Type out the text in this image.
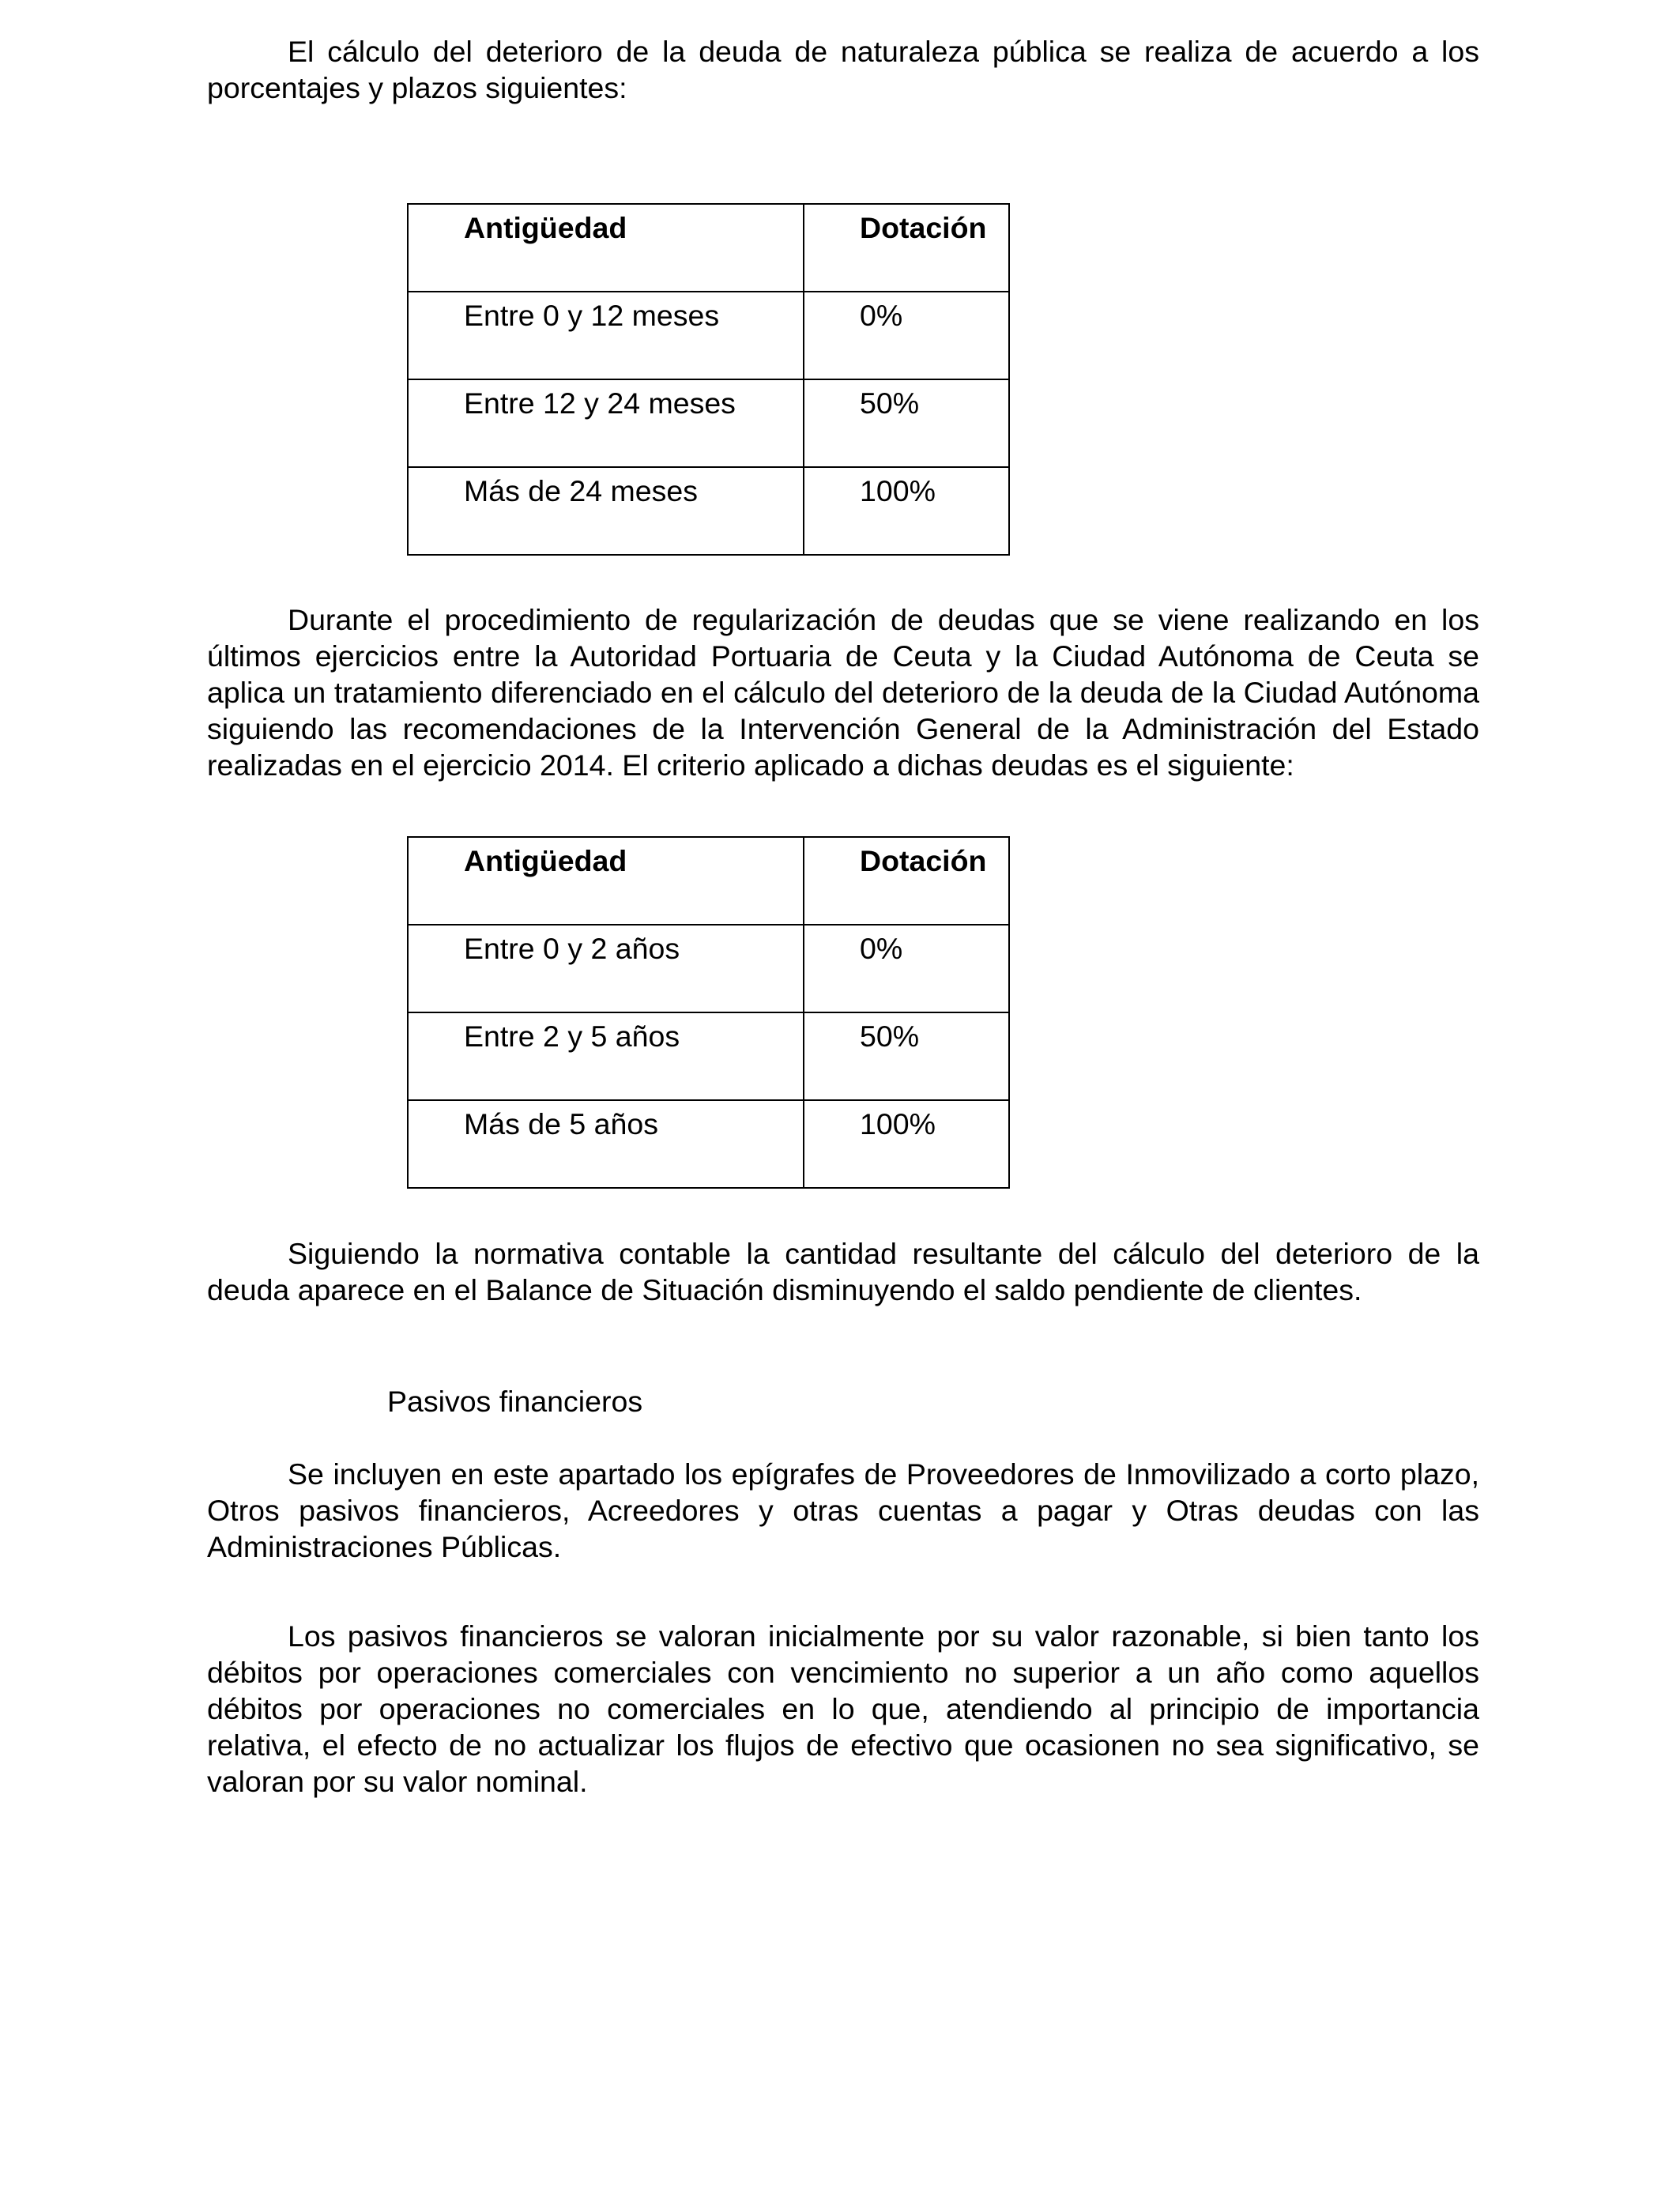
El cálculo del deterioro de la deuda de naturaleza pública se realiza de acuerdo a los porcentajes y plazos siguientes:

Antigüedad	Dotación
Entre 0 y 12 meses	0%
Entre 12 y 24 meses	50%
Más de 24 meses	100%

Durante el procedimiento de regularización de deudas que se viene realizando en los últimos ejercicios entre la Autoridad Portuaria de Ceuta y la Ciudad Autónoma de Ceuta se aplica un tratamiento diferenciado en el cálculo del deterioro de la deuda de la Ciudad Autónoma siguiendo las recomendaciones de la Intervención General de la Administración del Estado realizadas en el ejercicio 2014. El criterio aplicado a dichas deudas es el siguiente:

Antigüedad	Dotación
Entre 0 y 2 años	0%
Entre 2 y 5 años	50%
Más de 5 años	100%

Siguiendo la normativa contable la cantidad resultante del cálculo del deterioro de la deuda aparece en el Balance de Situación disminuyendo el saldo pendiente de clientes.

Pasivos financieros

Se incluyen en este apartado los epígrafes de Proveedores de Inmovilizado a corto plazo, Otros pasivos financieros, Acreedores y otras cuentas a pagar y Otras deudas con las Administraciones Públicas.

Los pasivos financieros se valoran inicialmente por su valor razonable, si bien tanto los débitos por operaciones comerciales con vencimiento no superior a un año como aquellos débitos por operaciones no comerciales en lo que, atendiendo al principio de importancia relativa, el efecto de no actualizar los flujos de efectivo que ocasionen no sea significativo, se valoran por su valor nominal.
